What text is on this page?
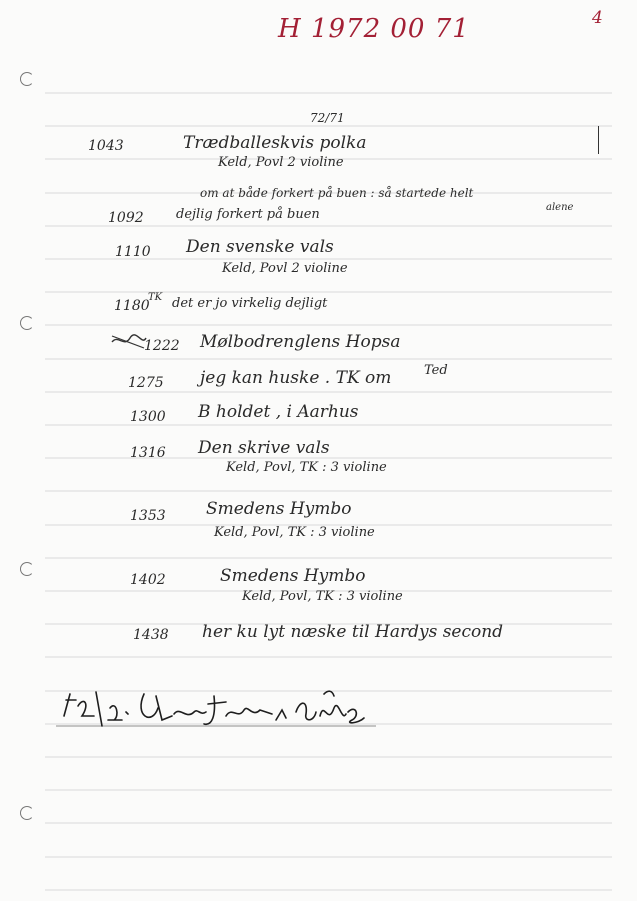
H 1972 00 71	4
72/71
1043	Trædballeskvis polka
Keld, Povl 2 violine
om at både forkert på buen : så startede helt
alene
1092 dejlig forkert på buen
1110 Den svenske vals
Keld, Povl 2 violine
1180
TK det er jo virkelig dejligt
1222 Mølbodrenglens Hopsa
1275 jeg kan huske . TK om	Ted
1300 B holdet , i Aarhus
1316 Den skrive vals
Keld, Povl, TK : 3 violine
1353 Smedens Hymbo
Keld, Povl, TK : 3 violine
1402	Smedens Hymbo
Keld, Povl, TK : 3 violine
1438 her ku lyt næske til Hardys second
